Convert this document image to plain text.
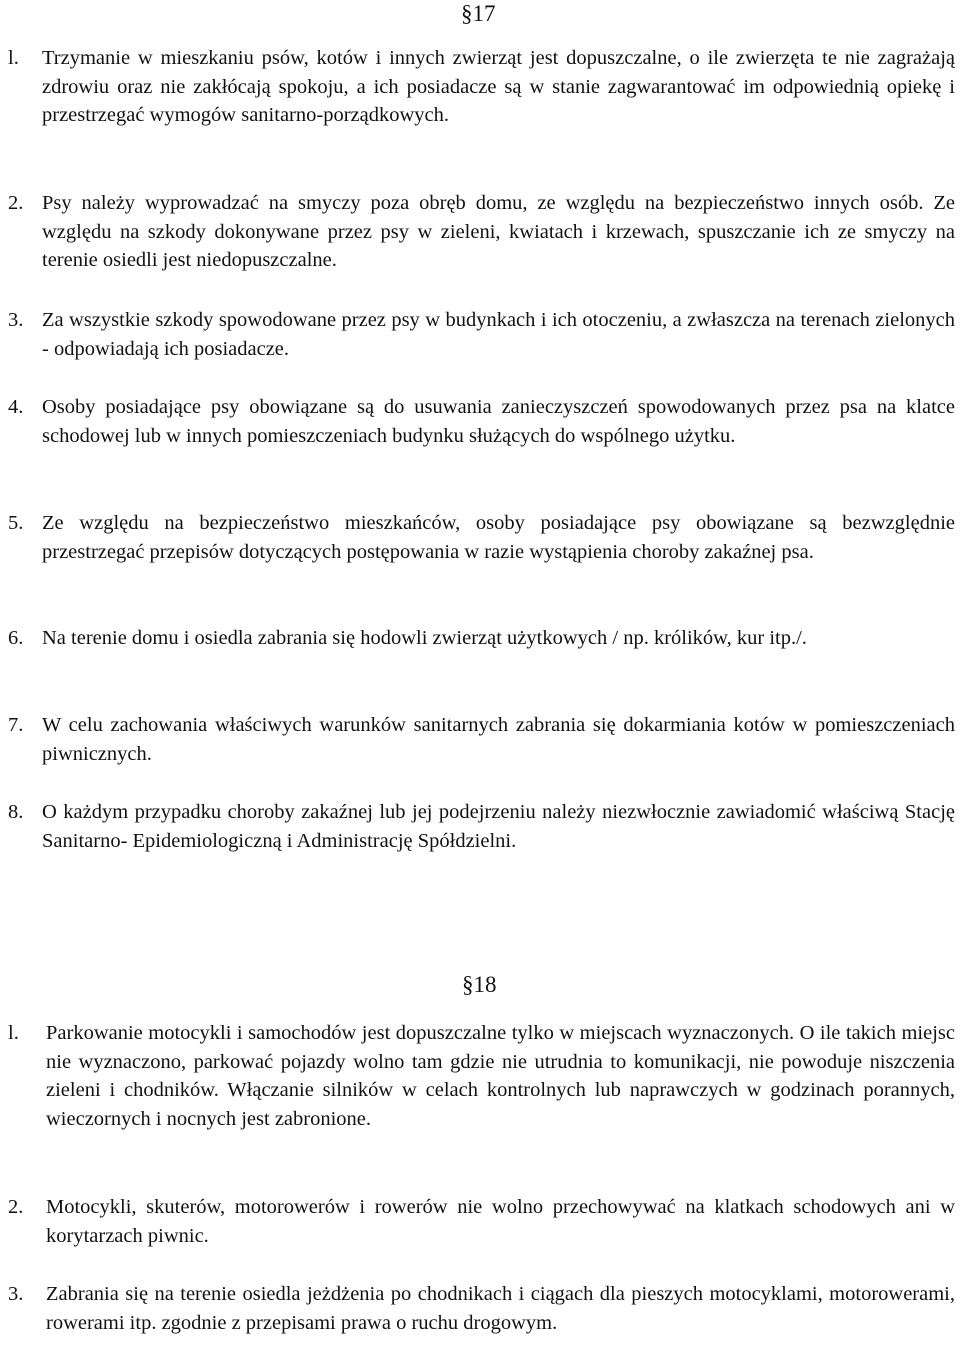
§17
l. Trzymanie w mieszkaniu psów, kotów i innych zwierząt jest dopuszczalne, o ile zwierzęta te nie zagrażają zdrowiu oraz nie zakłócają spokoju, a ich posiadacze są w stanie zagwarantować im odpowiednią opiekę i przestrzegać wymogów sanitarno-porządkowych.
2. Psy należy wyprowadzać na smyczy poza obręb domu, ze względu na bezpieczeństwo innych osób. Ze względu na szkody dokonywane przez psy w zieleni, kwiatach i krzewach, spuszczanie ich ze smyczy na terenie osiedli jest niedopuszczalne.
3. Za wszystkie szkody spowodowane przez psy w budynkach i ich otoczeniu, a zwłaszcza na terenach zielonych - odpowiadają ich posiadacze.
4. Osoby posiadające psy obowiązane są do usuwania zanieczyszczeń spowodowanych przez psa na klatce schodowej lub w innych pomieszczeniach budynku służących do wspólnego użytku.
5. Ze względu na bezpieczeństwo mieszkańców, osoby posiadające psy obowiązane są bezwzględnie przestrzegać przepisów dotyczących postępowania w razie wystąpienia choroby zakaźnej psa.
6. Na terenie domu i osiedla zabrania się hodowli zwierząt użytkowych / np. królików, kur itp./.
7. W celu zachowania właściwych warunków sanitarnych zabrania się dokarmiania kotów w pomieszczeniach piwnicznych.
8. O każdym przypadku choroby zakaźnej lub jej podejrzeniu należy niezwłocznie zawiadomić właściwą Stację Sanitarno- Epidemiologiczną i Administrację Spółdzielni.
§18
l. Parkowanie motocykli i samochodów jest dopuszczalne tylko w miejscach wyznaczonych. O ile takich miejsc nie wyznaczono, parkować pojazdy wolno tam gdzie nie utrudnia to komunikacji, nie powoduje niszczenia zieleni i chodników. Włączanie silników w celach kontrolnych lub naprawczych w godzinach porannych, wieczornych i nocnych jest zabronione.
2. Motocykli, skuterów, motorowerów i rowerów nie wolno przechowywać na klatkach schodowych ani w korytarzach piwnic.
3. Zabrania się na terenie osiedla jeżdżenia po chodnikach i ciągach dla pieszych motocyklami, motorowerami, rowerami itp. zgodnie z przepisami prawa o ruchu drogowym.
